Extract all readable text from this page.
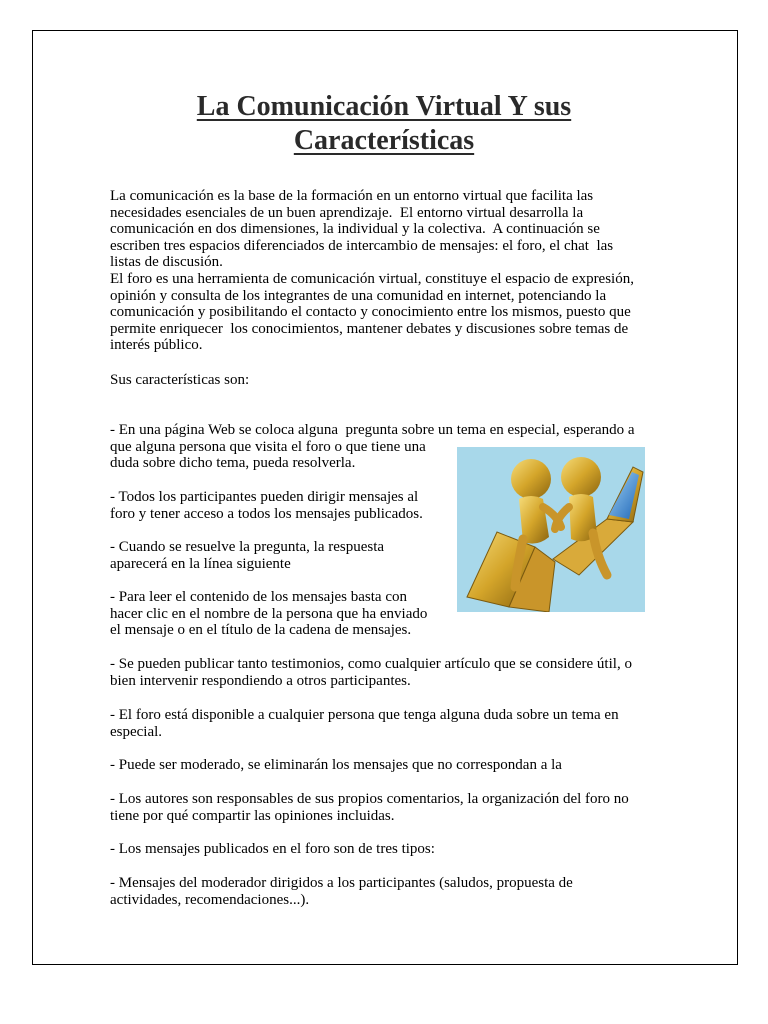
La Comunicación Virtual Y sus
Características

La comunicación es la base de la formación en un entorno virtual que facilita las

necesidades esenciales de un buen aprendizaje.  El entorno virtual desarrolla la

comunicación en dos dimensiones, la individual y la colectiva.  A continuación se

escriben tres espacios diferenciados de intercambio de mensajes: el foro, el chat  las

listas de discusión.

El foro es una herramienta de comunicación virtual, constituye el espacio de expresión,

opinión y consulta de los integrantes de una comunidad en internet, potenciando la

comunicación y posibilitando el contacto y conocimiento entre los mismos, puesto que

permite enriquecer  los conocimientos, mantener debates y discusiones sobre temas de

interés público.

Sus características son:

- En una página Web se coloca alguna  pregunta sobre un tema en especial, esperando a

que alguna persona que visita el foro o que tiene una

duda sobre dicho tema, pueda resolverla.

- Todos los participantes pueden dirigir mensajes al

foro y tener acceso a todos los mensajes publicados.

- Cuando se resuelve la pregunta, la respuesta

aparecerá en la línea siguiente

- Para leer el contenido de los mensajes basta con

hacer clic en el nombre de la persona que ha enviado

el mensaje o en el título de la cadena de mensajes.

- Se pueden publicar tanto testimonios, como cualquier artículo que se considere útil, o

bien intervenir respondiendo a otros participantes.

- El foro está disponible a cualquier persona que tenga alguna duda sobre un tema en

especial.

- Puede ser moderado, se eliminarán los mensajes que no correspondan a la

- Los autores son responsables de sus propios comentarios, la organización del foro no

tiene por qué compartir las opiniones incluidas.

- Los mensajes publicados en el foro son de tres tipos:

- Mensajes del moderador dirigidos a los participantes (saludos, propuesta de

actividades, recomendaciones...).
